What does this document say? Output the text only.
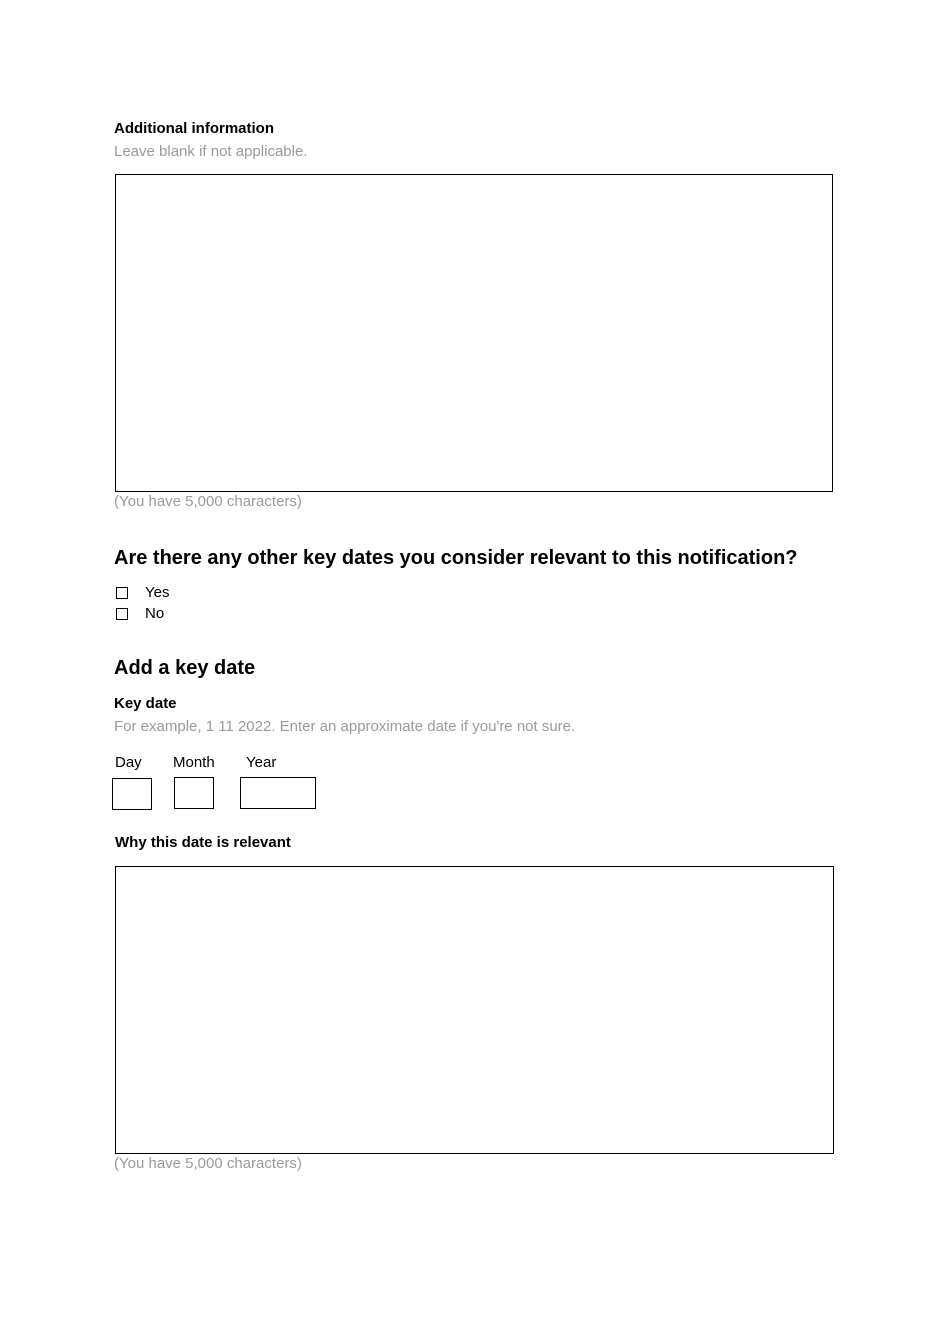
Additional information
Leave blank if not applicable.
(You have 5,000 characters)
Are there any other key dates you consider relevant to this notification?
Yes
No
Add a key date
Key date
For example, 1 11 2022. Enter an approximate date if you're not sure.
Day Month Year
Why this date is relevant
(You have 5,000 characters)
